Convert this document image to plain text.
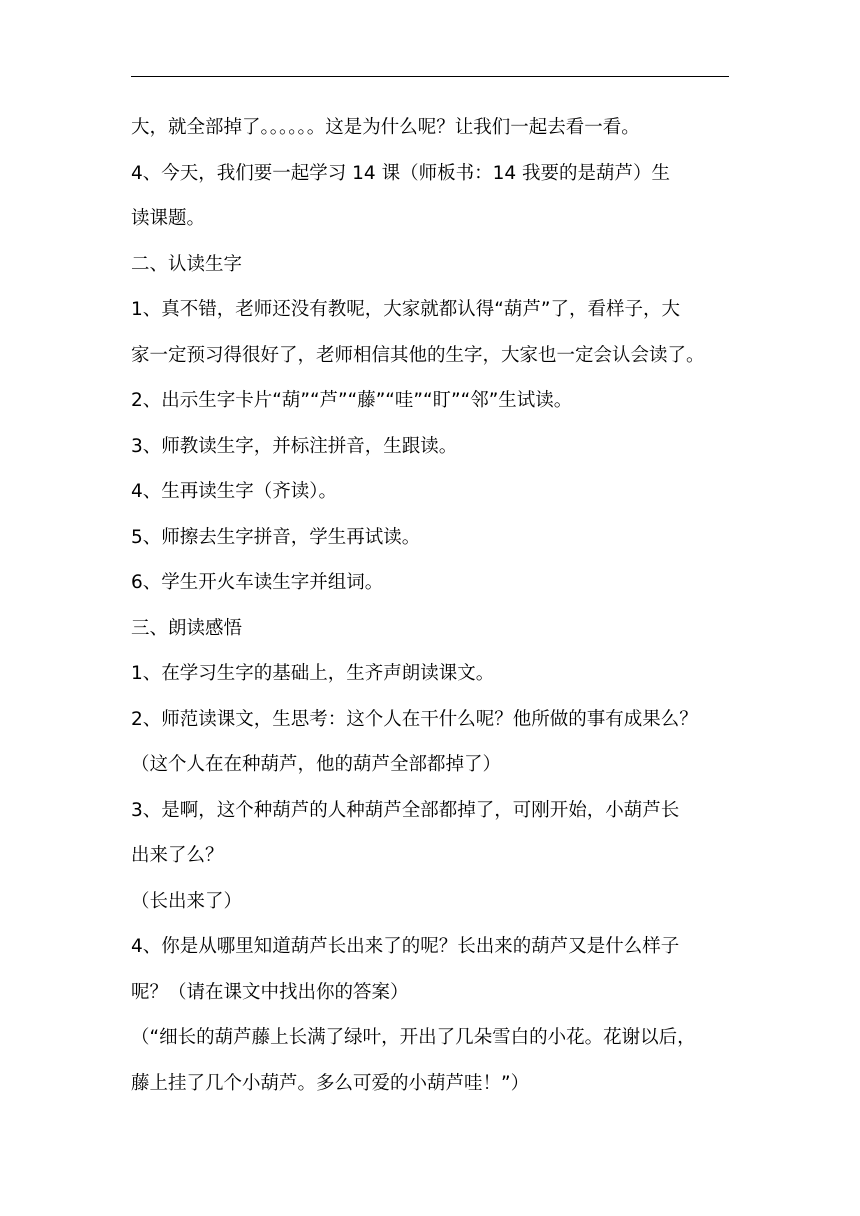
大，就全部掉了。。。。。。这是为什么呢？让我们一起去看一看。
4、今天，我们要一起学习 14 课（师板书：14 我要的是葫芦）生
读课题。
二、认读生字
1、真不错，老师还没有教呢，大家就都认得“葫芦”了，看样子，大
家一定预习得很好了，老师相信其他的生字，大家也一定会认会读了。
2、出示生字卡片“葫”“芦”“藤”“哇”“盯”“邻”生试读。
3、师教读生字，并标注拼音，生跟读。
4、生再读生字（齐读）。
5、师擦去生字拼音，学生再试读。
6、学生开火车读生字并组词。
三、朗读感悟
1、在学习生字的基础上，生齐声朗读课文。
2、师范读课文，生思考：这个人在干什么呢？他所做的事有成果么？
（这个人在在种葫芦，他的葫芦全部都掉了）
3、是啊，这个种葫芦的人种葫芦全部都掉了，可刚开始，小葫芦长
出来了么？
（长出来了）
4、你是从哪里知道葫芦长出来了的呢？长出来的葫芦又是什么样子
呢？（请在课文中找出你的答案）
（“细长的葫芦藤上长满了绿叶，开出了几朵雪白的小花。花谢以后，
藤上挂了几个小葫芦。多么可爱的小葫芦哇！”）
